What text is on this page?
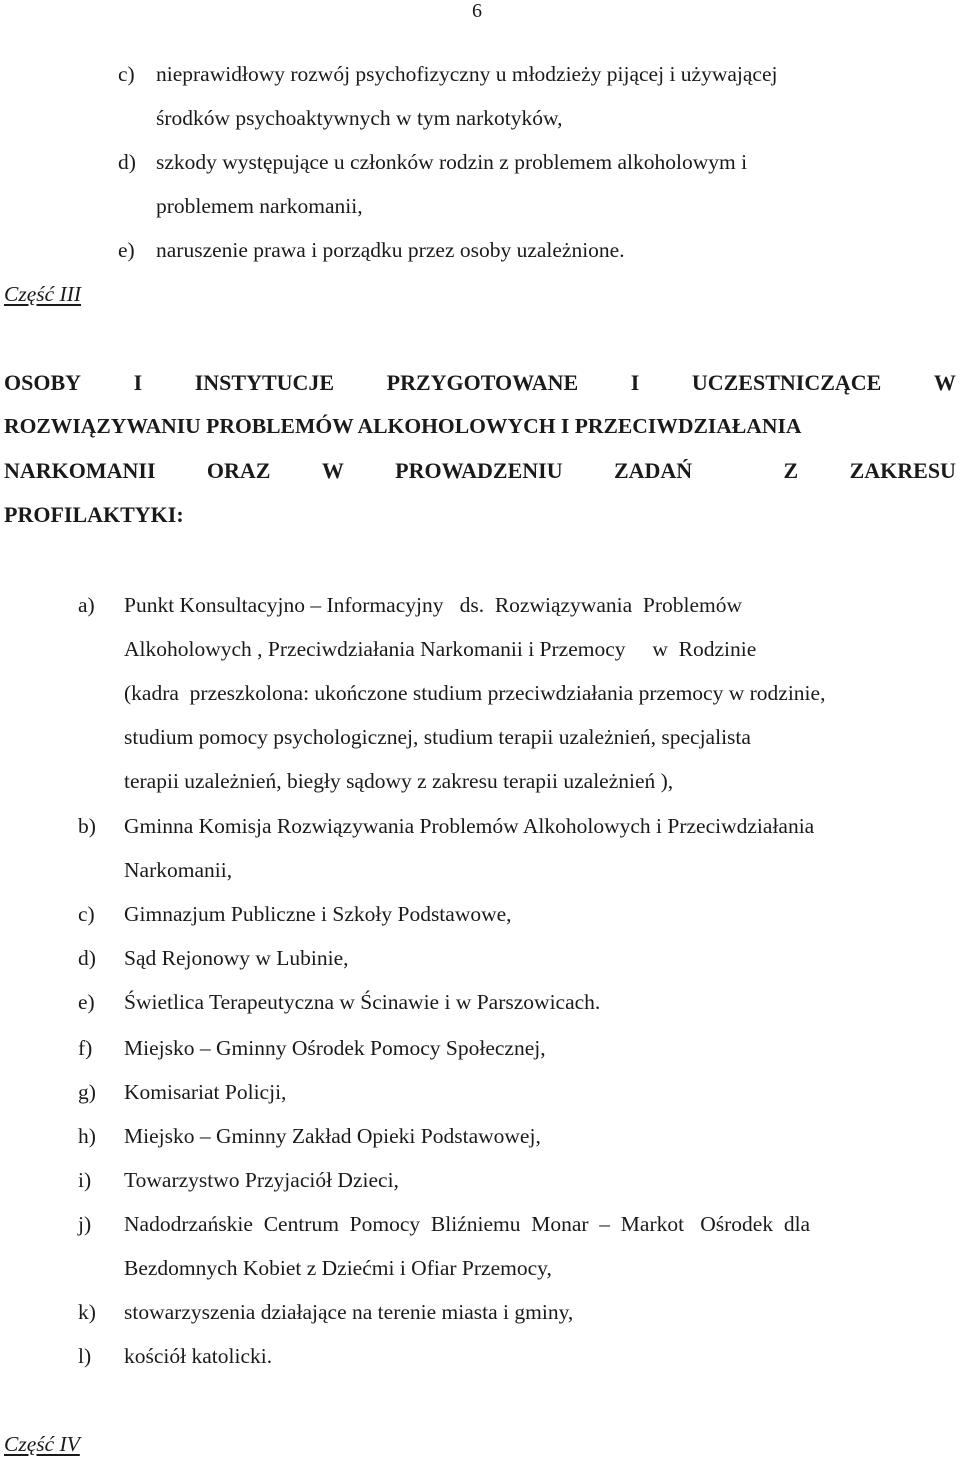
6
c) nieprawidłowy rozwój psychofizyczny u młodzieży pijącej i używającej
środków psychoaktywnych w tym narkotyków,
d) szkody występujące u członków rodzin z problemem alkoholowym i
problemem narkomanii,
e) naruszenie prawa i porządku przez osoby uzależnione.
Część III
OSOBY I INSTYTUCJE PRZYGOTOWANE I UCZESTNICZĄCE W
ROZWIĄZYWANIU PROBLEMÓW ALKOHOLOWYCH I PRZECIWDZIAŁANIA
NARKOMANII ORAZ W PROWADZENIU ZADAŃ	Z ZAKRESU
PROFILAKTYKI:
a) Punkt Konsultacyjno – Informacyjny   ds.  Rozwiązywania  Problemów
Alkoholowych , Przeciwdziałania Narkomanii i Przemocy     w  Rodzinie
(kadra  przeszkolona: ukończone studium przeciwdziałania przemocy w rodzinie,
studium pomocy psychologicznej, studium terapii uzależnień, specjalista
terapii uzależnień, biegły sądowy z zakresu terapii uzależnień ),
b) Gminna Komisja Rozwiązywania Problemów Alkoholowych i Przeciwdziałania
Narkomanii,
c) Gimnazjum Publiczne i Szkoły Podstawowe,
d) Sąd Rejonowy w Lubinie,
e) Świetlica Terapeutyczna w Ścinawie i w Parszowicach.
f) Miejsko – Gminny Ośrodek Pomocy Społecznej,
g) Komisariat Policji,
h) Miejsko – Gminny Zakład Opieki Podstawowej,
i) Towarzystwo Przyjaciół Dzieci,
j) Nadodrzańskie  Centrum  Pomocy  Bliźniemu  Monar  –  Markot   Ośrodek  dla
Bezdomnych Kobiet z Dziećmi i Ofiar Przemocy,
k) stowarzyszenia działające na terenie miasta i gminy,
l) kościół katolicki.
Część IV
